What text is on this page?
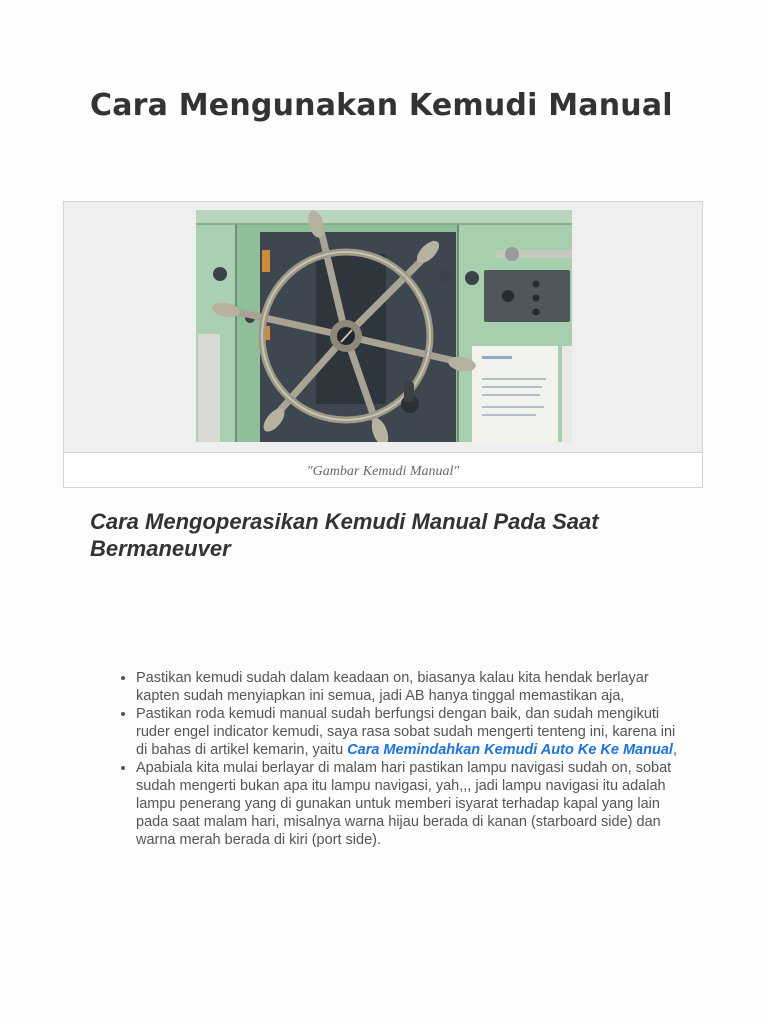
Cara Mengunakan Kemudi Manual
"Gambar Kemudi Manual"
Cara Mengoperasikan Kemudi Manual Pada Saat Bermaneuver
• Pastikan kemudi sudah dalam keadaan on, biasanya kalau kita hendak berlayar kapten sudah menyiapkan ini semua, jadi AB hanya tinggal memastikan aja,
• Pastikan roda kemudi manual sudah berfungsi dengan baik, dan sudah mengikuti ruder engel indicator kemudi, saya rasa sobat sudah mengerti tenteng ini, karena ini di bahas di artikel kemarin, yaitu Cara Memindahkan Kemudi Auto Ke Ke Manual,
• Apabiala kita mulai berlayar di malam hari pastikan lampu navigasi sudah on, sobat sudah mengerti bukan apa itu lampu navigasi, yah,,, jadi lampu navigasi itu adalah lampu penerang yang di gunakan untuk memberi isyarat terhadap kapal yang lain pada saat malam hari, misalnya warna hijau berada di kanan (starboard side) dan warna merah berada di kiri (port side).
